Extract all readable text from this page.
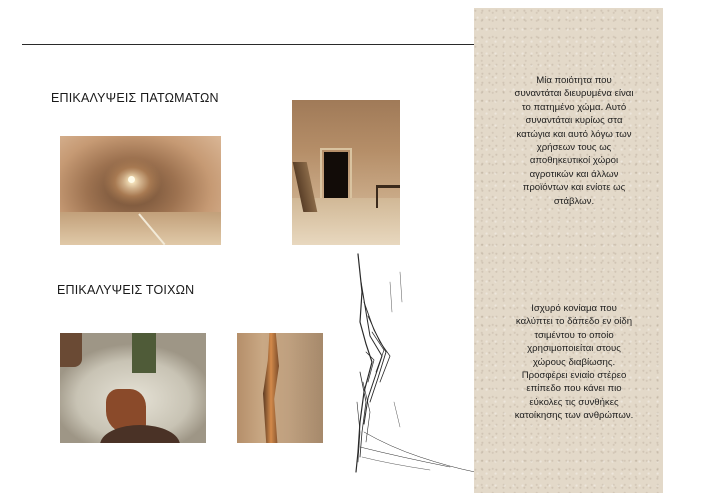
ΕΠΙΚΑΛΥΨΕΙΣ ΠΑΤΩΜΑΤΩΝ
ΕΠΙΚΑΛΥΨΕΙΣ ΤΟΙΧΩΝ
Μία ποιότητα που
συναντάται διευρυμένα είναι
το πατημένο χώμα. Αυτό
συναντάται κυρίως στα
κατώγια και αυτό λόγω των
χρήσεων τους ως
αποθηκευτικοί χώροι
αγροτικών και άλλων
προϊόντων και ενίοτε ως
στάβλων.
Ισχυρό κονίαμα που
καλύπτει το δάπεδο εν οίδη
τσιμέντου το οποίο
χρησιμοποιείται στους
χώρους διαβίωσης.
Προσφέρει ενιαίο στέρεο
επίπεδο που κάνει πιο
εύκολες τις συνθήκες
κατοίκησης των ανθρώπων.
